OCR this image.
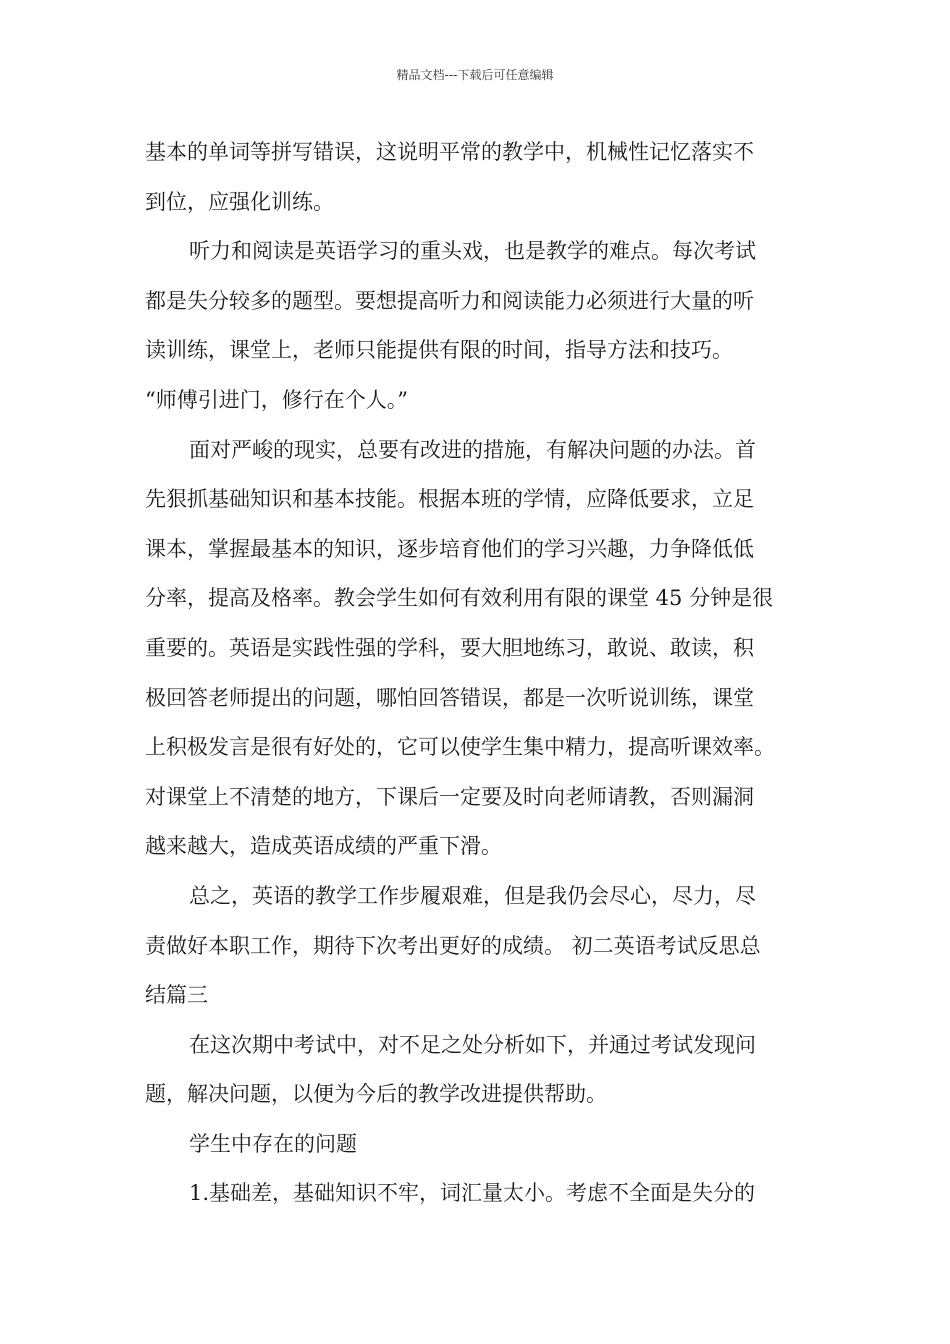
精品文档---下载后可任意编辑
基本的单词等拼写错误，这说明平常的教学中，机械性记忆落实不
到位，应强化训练。
听力和阅读是英语学习的重头戏，也是教学的难点。每次考试
都是失分较多的题型。要想提高听力和阅读能力必须进行大量的听
读训练，课堂上，老师只能提供有限的时间，指导方法和技巧。
“师傅引进门，修行在个人。”
面对严峻的现实，总要有改进的措施，有解决问题的办法。首
先狠抓基础知识和基本技能。根据本班的学情，应降低要求，立足
课本，掌握最基本的知识，逐步培育他们的学习兴趣，力争降低低
分率，提高及格率。教会学生如何有效利用有限的课堂 45 分钟是很
重要的。英语是实践性强的学科，要大胆地练习，敢说、敢读，积
极回答老师提出的问题，哪怕回答错误，都是一次听说训练，课堂
上积极发言是很有好处的，它可以使学生集中精力，提高听课效率。
对课堂上不清楚的地方，下课后一定要及时向老师请教，否则漏洞
越来越大，造成英语成绩的严重下滑。
总之，英语的教学工作步履艰难，但是我仍会尽心，尽力，尽
责做好本职工作，期待下次考出更好的成绩。 初二英语考试反思总
结篇三
在这次期中考试中，对不足之处分析如下，并通过考试发现问
题，解决问题，以便为今后的教学改进提供帮助。
学生中存在的问题
1.基础差，基础知识不牢，词汇量太小。考虑不全面是失分的
